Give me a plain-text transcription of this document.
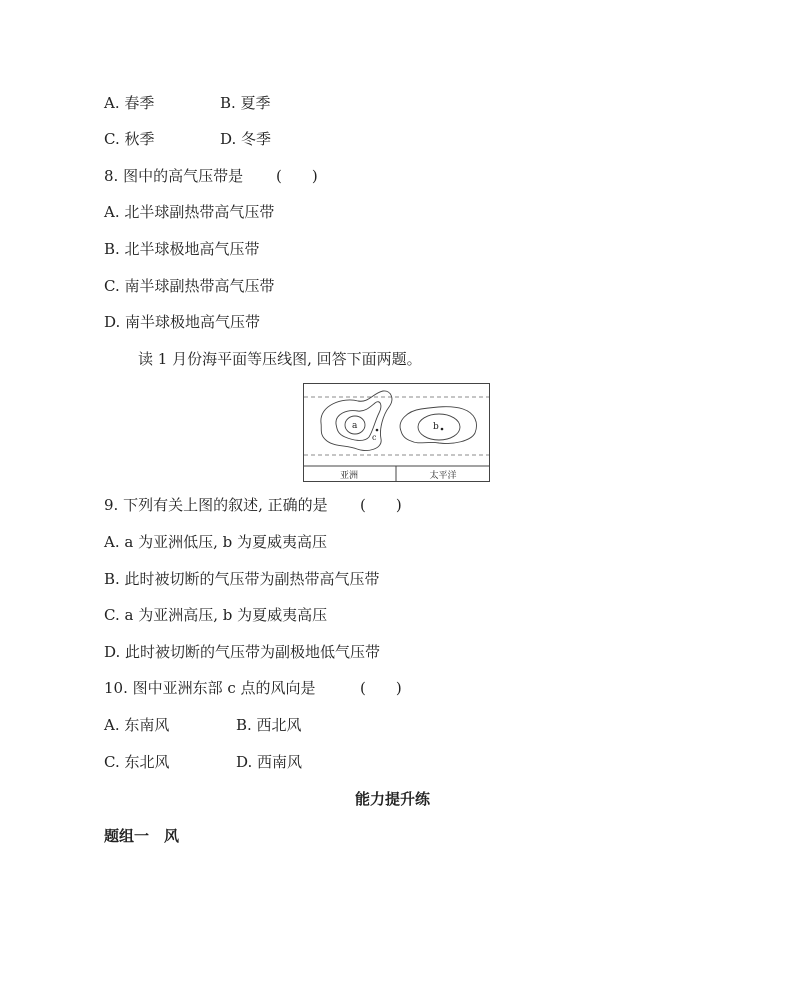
A. 春季	B. 夏季
C. 秋季	D. 冬季
8. 图中的高气压带是 (　　)
A. 北半球副热带高气压带
B. 北半球极地高气压带
C. 南半球副热带高气压带
D. 南半球极地高气压带
读 1 月份海平面等压线图, 回答下面两题。
a
c
b
亚洲	太平洋
9. 下列有关上图的叙述, 正确的是 (　　)
A. a 为亚洲低压, b 为夏威夷高压
B. 此时被切断的气压带为副热带高气压带
C. a 为亚洲高压, b 为夏威夷高压
D. 此时被切断的气压带为副极地低气压带
10. 图中亚洲东部 c 点的风向是	(　　)
A. 东南风	B. 西北风
C. 东北风	D. 西南风
能力提升练
题组一　风
